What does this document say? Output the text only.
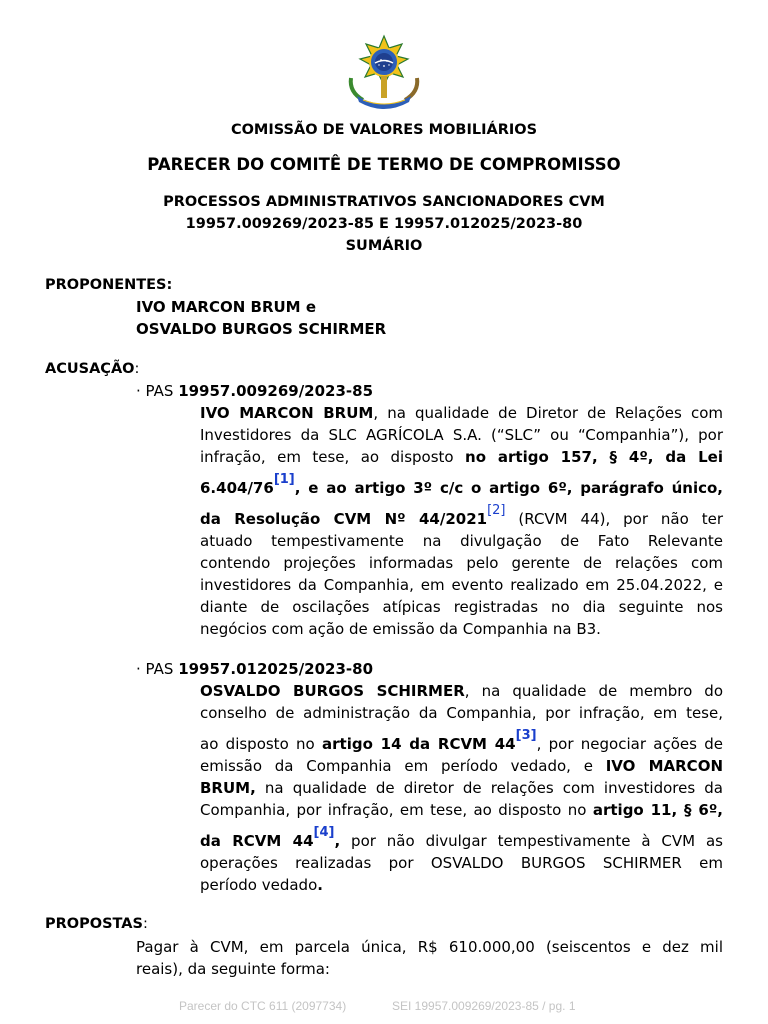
COMISSÃO DE VALORES MOBILIÁRIOS
PARECER DO COMITÊ DE TERMO DE COMPROMISSO
PROCESSOS ADMINISTRATIVOS SANCIONADORES CVM
19957.009269/2023-85 E 19957.012025/2023-80
SUMÁRIO
PROPONENTES:
IVO MARCON BRUM e
OSVALDO BURGOS SCHIRMER
ACUSAÇÃO:
· PAS 19957.009269/2023-85
IVO MARCON BRUM, na qualidade de Diretor de Relações com
Investidores da SLC AGRÍCOLA S.A. (“SLC” ou “Companhia”), por
infração, em tese, ao disposto no artigo 157, § 4º, da Lei
6.404/76[1], e ao artigo 3º c/c o artigo 6º, parágrafo único,
da Resolução CVM Nº 44/2021[2] (RCVM 44), por não ter
atuado tempestivamente na divulgação de Fato Relevante
contendo projeções informadas pelo gerente de relações com
investidores da Companhia, em evento realizado em 25.04.2022, e
diante de oscilações atípicas registradas no dia seguinte nos
negócios com ação de emissão da Companhia na B3.
· PAS 19957.012025/2023-80
OSVALDO BURGOS SCHIRMER, na qualidade de membro do
conselho de administração da Companhia, por infração, em tese,
ao disposto no artigo 14 da RCVM 44[3], por negociar ações de
emissão da Companhia em período vedado, e IVO MARCON
BRUM, na qualidade de diretor de relações com investidores da
Companhia, por infração, em tese, ao disposto no artigo 11, § 6º,
da RCVM 44[4], por não divulgar tempestivamente à CVM as
operações realizadas por OSVALDO BURGOS SCHIRMER em
período vedado.
PROPOSTAS:
Pagar à CVM, em parcela única, R$ 610.000,00 (seiscentos e dez mil
reais), da seguinte forma:
Parecer do CTC 611 (2097734)	SEI 19957.009269/2023-85 / pg. 1
